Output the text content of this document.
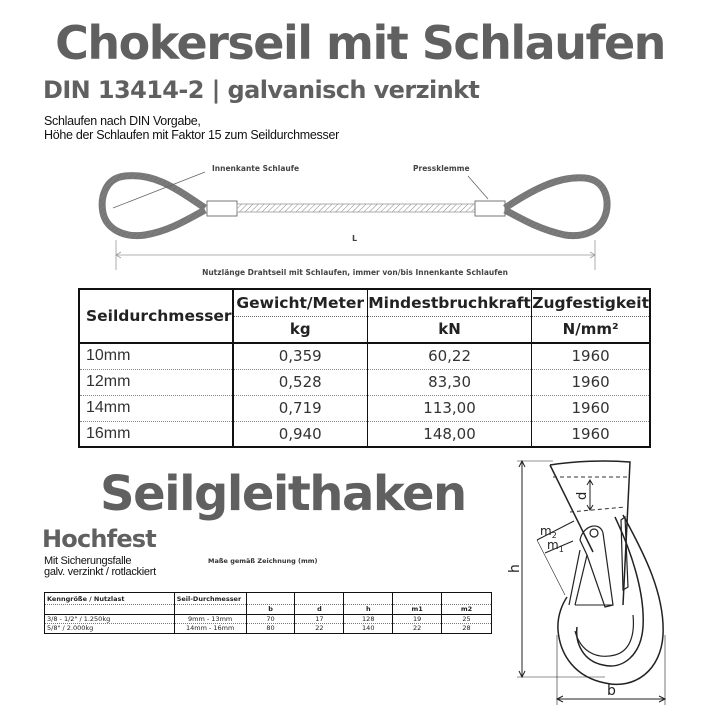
Chokerseil mit Schlaufen
DIN 13414-2 | galvanisch verzinkt
Schlaufen nach DIN Vorgabe,
Höhe der Schlaufen mit Faktor 15 zum Seildurchmesser
Innenkante Schlaufe	Pressklemme
L
Nutzlänge Drahtseil mit Schlaufen, immer von/bis Innenkante Schlaufen
Seildurchmesser	Gewicht/Meter	Mindestbruchkraft	Zugfestigkeit
	kg	kN	N/mm²
10mm	0,359	60,22	1960
12mm	0,528	83,30	1960
14mm	0,719	113,00	1960
16mm	0,940	148,00	1960
Seilgleithaken
Hochfest
Mit Sicherungsfalle
galv. verzinkt / rotlackiert
Maße gemäß Zeichnung (mm)
Kenngröße / Nutzlast	Seil-Durchmesser					
		b	d	h	m1	m2
3/8 - 1/2" / 1.250kg	9mm - 13mm	70	17	128	19	25
5/8" / 2.000kg	14mm - 16mm	80	22	140	22	28
d
$m_2$
$m_1$
h
b
